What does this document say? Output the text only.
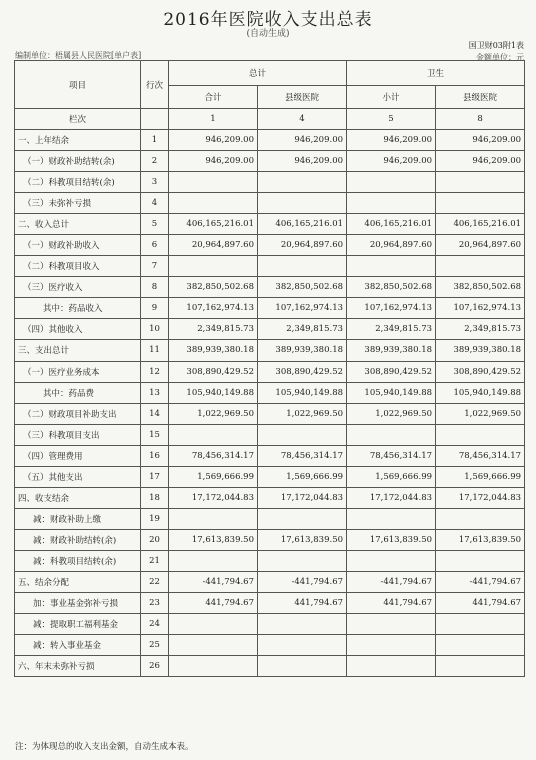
2016年医院收入支出总表
(自动生成)
国卫财03附1表
编制单位：梧属县人民医院[单户表]	金额单位：元
项目	行次	总计		卫生	
		合计	县级医院	小计	县级医院
栏次		1	4	5	8
一、上年结余	1	946,209.00	946,209.00	946,209.00	946,209.00
（一）财政补助结转(余)	2	946,209.00	946,209.00	946,209.00	946,209.00
（二）科教项目结转(余)	3				
（三）未弥补亏损	4				
二、收入总计	5	406,165,216.01	406,165,216.01	406,165,216.01	406,165,216.01
（一）财政补助收入	6	20,964,897.60	20,964,897.60	20,964,897.60	20,964,897.60
（二）科教项目收入	7				
（三）医疗收入	8	382,850,502.68	382,850,502.68	382,850,502.68	382,850,502.68
其中：药品收入	9	107,162,974.13	107,162,974.13	107,162,974.13	107,162,974.13
（四）其他收入	10	2,349,815.73	2,349,815.73	2,349,815.73	2,349,815.73
三、支出总计	11	389,939,380.18	389,939,380.18	389,939,380.18	389,939,380.18
（一）医疗业务成本	12	308,890,429.52	308,890,429.52	308,890,429.52	308,890,429.52
其中：药品费	13	105,940,149.88	105,940,149.88	105,940,149.88	105,940,149.88
（二）财政项目补助支出	14	1,022,969.50	1,022,969.50	1,022,969.50	1,022,969.50
（三）科教项目支出	15				
（四）管理费用	16	78,456,314.17	78,456,314.17	78,456,314.17	78,456,314.17
（五）其他支出	17	1,569,666.99	1,569,666.99	1,569,666.99	1,569,666.99
四、收支结余	18	17,172,044.83	17,172,044.83	17,172,044.83	17,172,044.83
减：财政补助上缴	19				
减：财政补助结转(余)	20	17,613,839.50	17,613,839.50	17,613,839.50	17,613,839.50
减：科教项目结转(余)	21				
五、结余分配	22	-441,794.67	-441,794.67	-441,794.67	-441,794.67
加：事业基金弥补亏损	23	441,794.67	441,794.67	441,794.67	441,794.67
减：提取职工福利基金	24				
减：转入事业基金	25				
六、年末未弥补亏损	26				
注：为体现总的收入支出金额，自动生成本表。
